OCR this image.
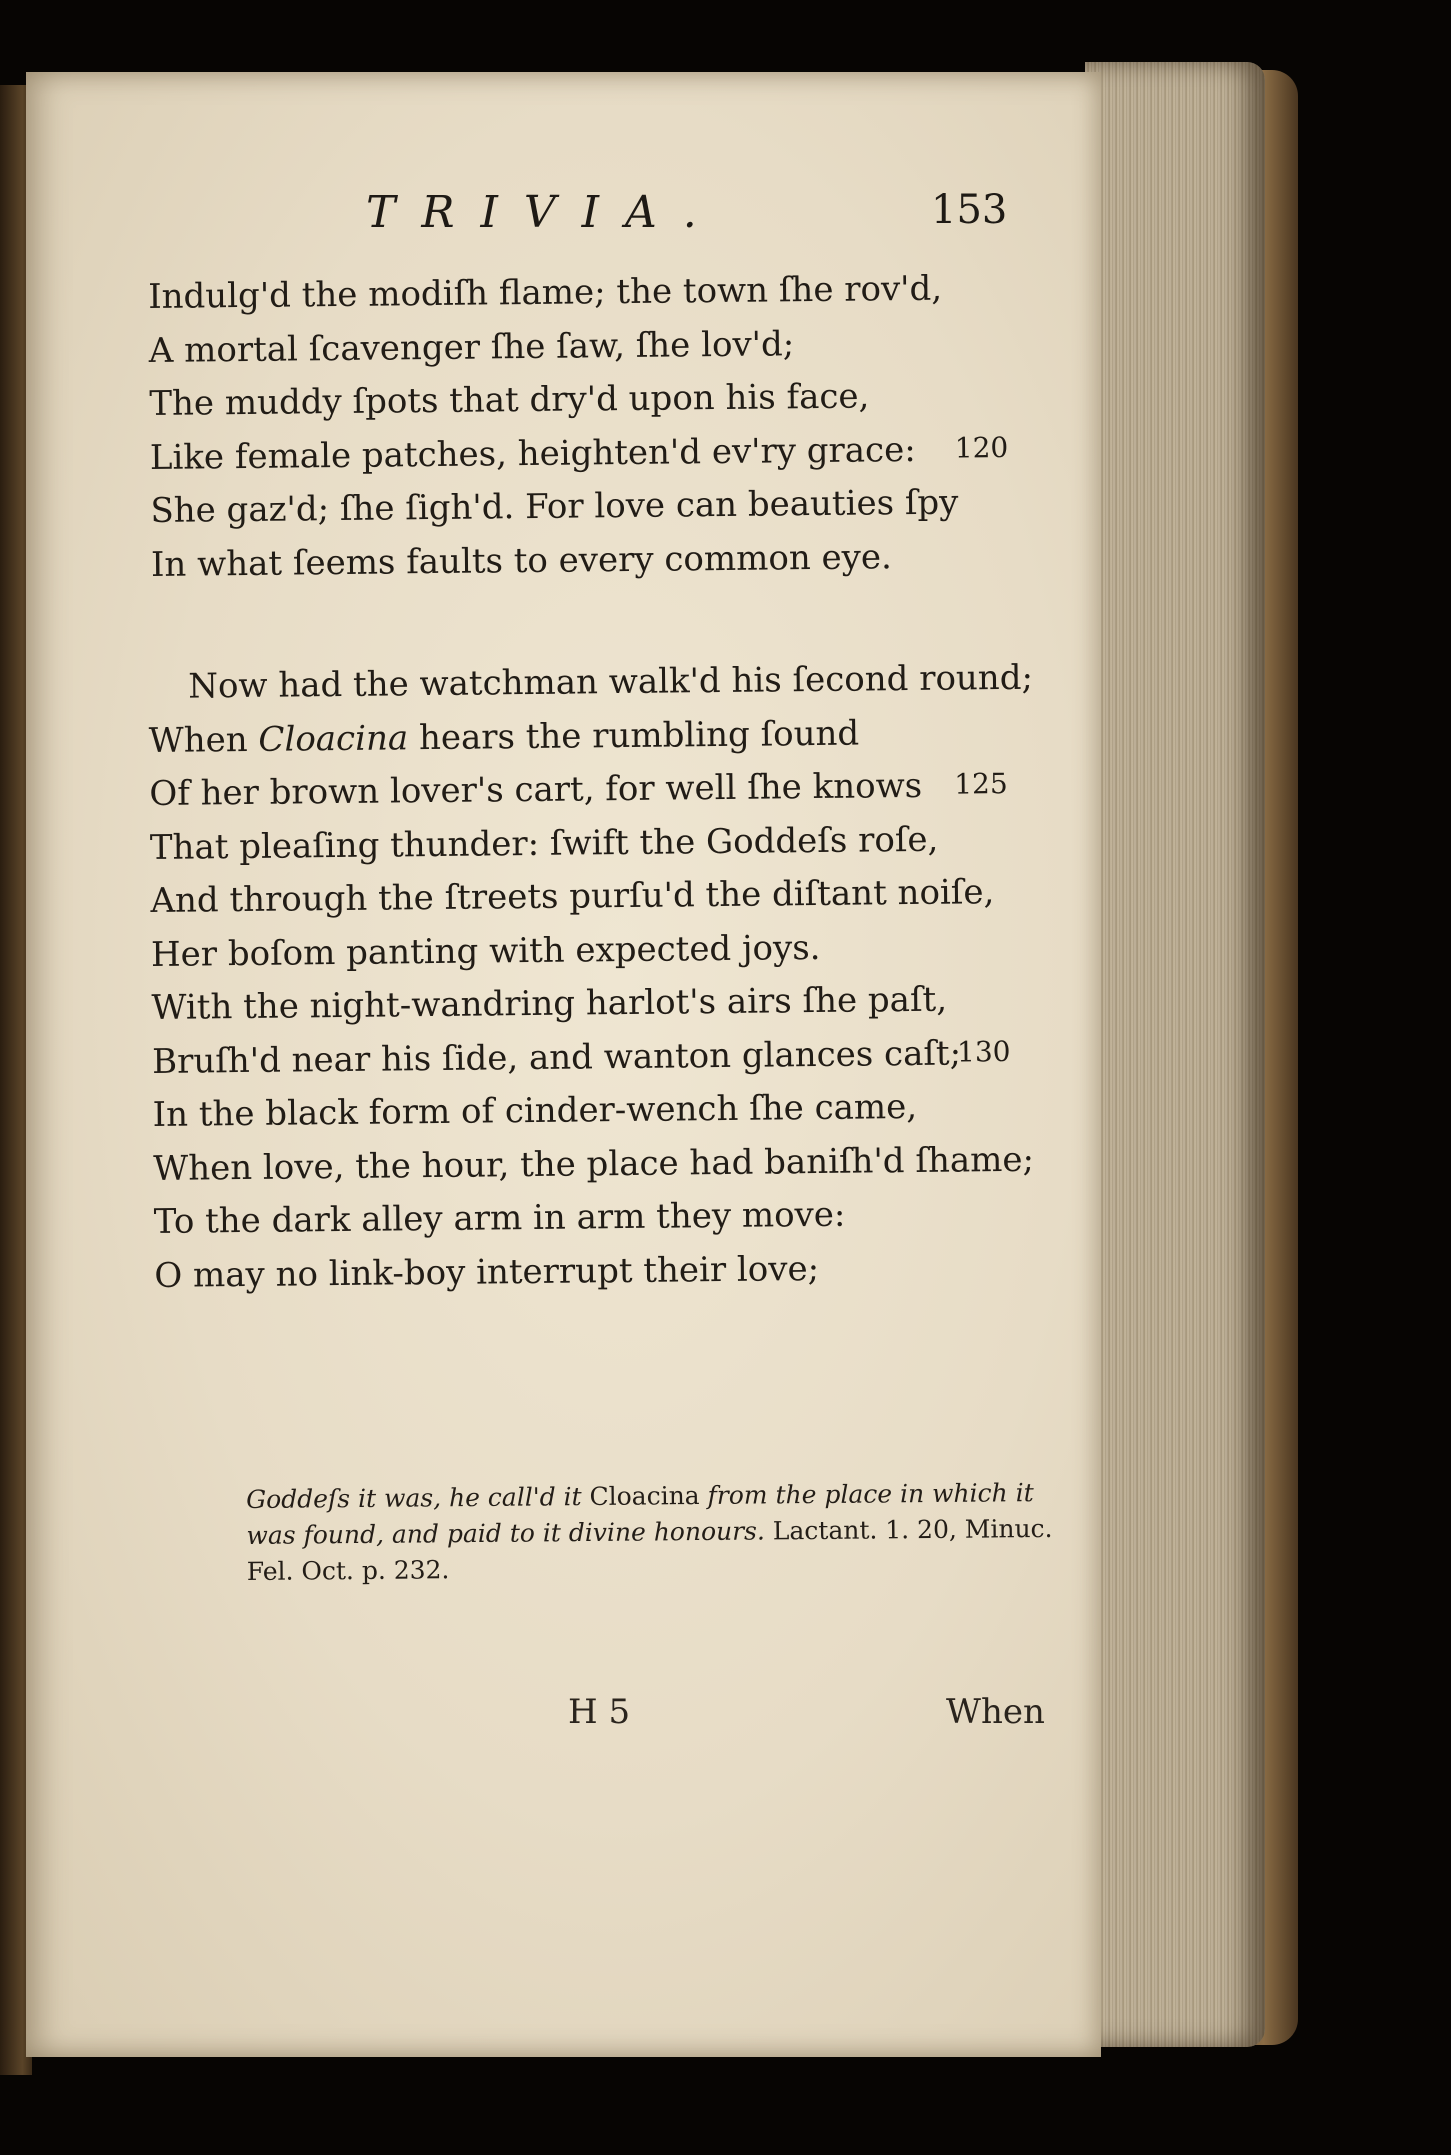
TRIVIA.	153
Indulg'd the modiſh flame; the town ſhe rov'd,
A mortal ſcavenger ſhe ſaw, ſhe lov'd;
The muddy ſpots that dry'd upon his face,
Like female patches, heighten'd ev'ry grace: 120
She gaz'd; ſhe ſigh'd. For love can beauties ſpy
In what ſeems faults to every common eye.
Now had the watchman walk'd his ſecond round;
When Cloacina hears the rumbling ſound
Of her brown lover's cart, for well ſhe knows 125
That pleaſing thunder: ſwift the Goddeſs roſe,
And through the ſtreets purſu'd the diſtant noiſe,
Her boſom panting with expected joys.
With the night-wandring harlot's airs ſhe paſt,
Bruſh'd near his ſide, and wanton glances caſt;
130
In the black form of cinder-wench ſhe came,
When love, the hour, the place had baniſh'd ſhame;
To the dark alley arm in arm they move:
O may no link-boy interrupt their love;
Goddeſs it was, he call'd it Cloacina from the place in which it was found, and paid to it divine honours. Lactant. 1. 20, Minuc. Fel. Oct. p. 232.
H 5	When
